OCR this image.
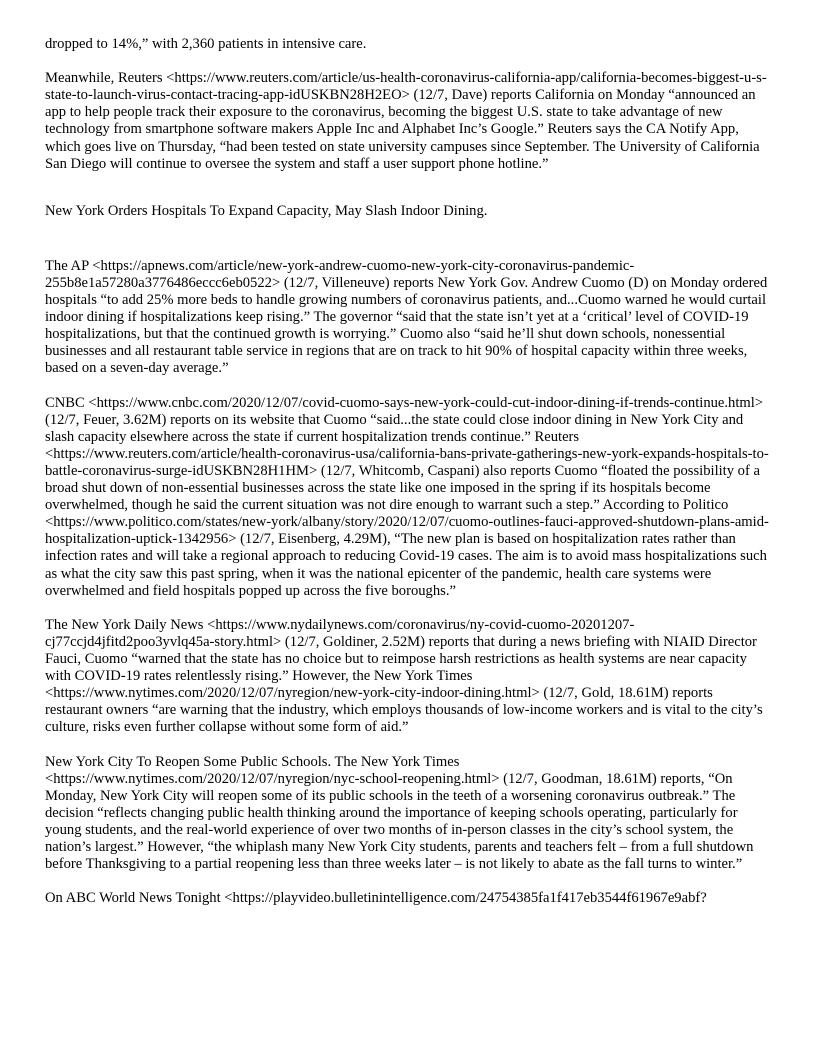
dropped to 14%,” with 2,360 patients in intensive care.

Meanwhile, Reuters <https://www.reuters.com/article/us-health-coronavirus-california-app/california-becomes-biggest-u-s-state-to-launch-virus-contact-tracing-app-idUSKBN28H2EO> (12/7, Dave) reports California on Monday “announced an app to help people track their exposure to the coronavirus, becoming the biggest U.S. state to take advantage of new technology from smartphone software makers Apple Inc and Alphabet Inc’s Google.” Reuters says the CA Notify App, which goes live on Thursday, “had been tested on state university campuses since September. The University of California San Diego will continue to oversee the system and staff a user support phone hotline.”

New York Orders Hospitals To Expand Capacity, May Slash Indoor Dining.

The AP <https://apnews.com/article/new-york-andrew-cuomo-new-york-city-coronavirus-pandemic-255b8e1a57280a3776486eccc6eb0522> (12/7, Villeneuve) reports New York Gov. Andrew Cuomo (D) on Monday ordered hospitals “to add 25% more beds to handle growing numbers of coronavirus patients, and...Cuomo warned he would curtail indoor dining if hospitalizations keep rising.” The governor “said that the state isn’t yet at a ‘critical’ level of COVID-19 hospitalizations, but that the continued growth is worrying.” Cuomo also “said he’ll shut down schools, nonessential businesses and all restaurant table service in regions that are on track to hit 90% of hospital capacity within three weeks, based on a seven-day average.”

CNBC <https://www.cnbc.com/2020/12/07/covid-cuomo-says-new-york-could-cut-indoor-dining-if-trends-continue.html> (12/7, Feuer, 3.62M) reports on its website that Cuomo “said...the state could close indoor dining in New York City and slash capacity elsewhere across the state if current hospitalization trends continue.” Reuters <https://www.reuters.com/article/health-coronavirus-usa/california-bans-private-gatherings-new-york-expands-hospitals-to-battle-coronavirus-surge-idUSKBN28H1HM> (12/7, Whitcomb, Caspani) also reports Cuomo “floated the possibility of a broad shut down of non-essential businesses across the state like one imposed in the spring if its hospitals become overwhelmed, though he said the current situation was not dire enough to warrant such a step.” According to Politico <https://www.politico.com/states/new-york/albany/story/2020/12/07/cuomo-outlines-fauci-approved-shutdown-plans-amid-hospitalization-uptick-1342956> (12/7, Eisenberg, 4.29M), “The new plan is based on hospitalization rates rather than infection rates and will take a regional approach to reducing Covid-19 cases. The aim is to avoid mass hospitalizations such as what the city saw this past spring, when it was the national epicenter of the pandemic, health care systems were overwhelmed and field hospitals popped up across the five boroughs.”

The New York Daily News <https://www.nydailynews.com/coronavirus/ny-covid-cuomo-20201207-cj77ccjd4jfitd2poo3yvlq45a-story.html> (12/7, Goldiner, 2.52M) reports that during a news briefing with NIAID Director Fauci, Cuomo “warned that the state has no choice but to reimpose harsh restrictions as health systems are near capacity with COVID-19 rates relentlessly rising.” However, the New York Times <https://www.nytimes.com/2020/12/07/nyregion/new-york-city-indoor-dining.html> (12/7, Gold, 18.61M) reports restaurant owners “are warning that the industry, which employs thousands of low-income workers and is vital to the city’s culture, risks even further collapse without some form of aid.”

New York City To Reopen Some Public Schools. The New York Times <https://www.nytimes.com/2020/12/07/nyregion/nyc-school-reopening.html> (12/7, Goodman, 18.61M) reports, “On Monday, New York City will reopen some of its public schools in the teeth of a worsening coronavirus outbreak.” The decision “reflects changing public health thinking around the importance of keeping schools operating, particularly for young students, and the real-world experience of over two months of in-person classes in the city’s school system, the nation’s largest.” However, “the whiplash many New York City students, parents and teachers felt – from a full shutdown before Thanksgiving to a partial reopening less than three weeks later – is not likely to abate as the fall turns to winter.”

On ABC World News Tonight <https://playvideo.bulletinintelligence.com/24754385fa1f417eb3544f61967e9abf?
